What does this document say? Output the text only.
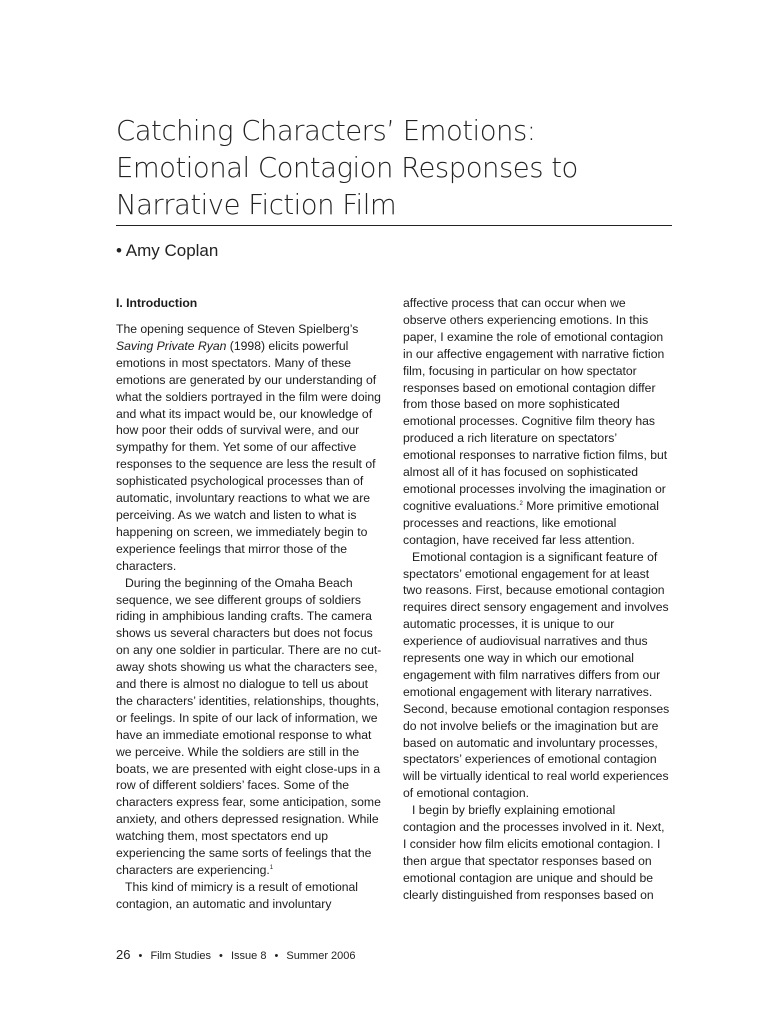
Catching Characters’ Emotions:
Emotional Contagion Responses to
Narrative Fiction Film
• Amy Coplan
I. Introduction

The opening sequence of Steven Spielberg’s Saving Private Ryan (1998) elicits powerful emotions in most spectators. Many of these emotions are generated by our understanding of what the soldiers portrayed in the film were doing and what its impact would be, our knowledge of how poor their odds of survival were, and our sympathy for them. Yet some of our affective responses to the sequence are less the result of sophisticated psychological processes than of automatic, involuntary reactions to what we are perceiving. As we watch and listen to what is happening on screen, we immediately begin to experience feelings that mirror those of the characters.

During the beginning of the Omaha Beach sequence, we see different groups of soldiers riding in amphibious landing crafts. The camera shows us several characters but does not focus on any one soldier in particular. There are no cut-away shots showing us what the characters see, and there is almost no dialogue to tell us about the characters’ identities, relationships, thoughts, or feelings. In spite of our lack of information, we have an immediate emotional response to what we perceive. While the soldiers are still in the boats, we are presented with eight close-ups in a row of different soldiers’ faces. Some of the characters express fear, some anticipation, some anxiety, and others depressed resignation. While watching them, most spectators end up experiencing the same sorts of feelings that the characters are experiencing.$^1$

This kind of mimicry is a result of emotional contagion, an automatic and involuntary

affective process that can occur when we observe others experiencing emotions. In this paper, I examine the role of emotional contagion in our affective engagement with narrative fiction film, focusing in particular on how spectator responses based on emotional contagion differ from those based on more sophisticated emotional processes. Cognitive film theory has produced a rich literature on spectators’ emotional responses to narrative fiction films, but almost all of it has focused on sophisticated emotional processes involving the imagination or cognitive evaluations.$^2$ More primitive emotional processes and reactions, like emotional contagion, have received far less attention.

Emotional contagion is a significant feature of spectators’ emotional engagement for at least two reasons. First, because emotional contagion requires direct sensory engagement and involves automatic processes, it is unique to our experience of audiovisual narratives and thus represents one way in which our emotional engagement with film narratives differs from our emotional engagement with literary narratives. Second, because emotional contagion responses do not involve beliefs or the imagination but are based on automatic and involuntary processes, spectators’ experiences of emotional contagion will be virtually identical to real world experiences of emotional contagion.

I begin by briefly explaining emotional contagion and the processes involved in it. Next, I consider how film elicits emotional contagion. I then argue that spectator responses based on emotional contagion are unique and should be clearly distinguished from responses based on

26 • Film Studies • Issue 8 • Summer 2006
